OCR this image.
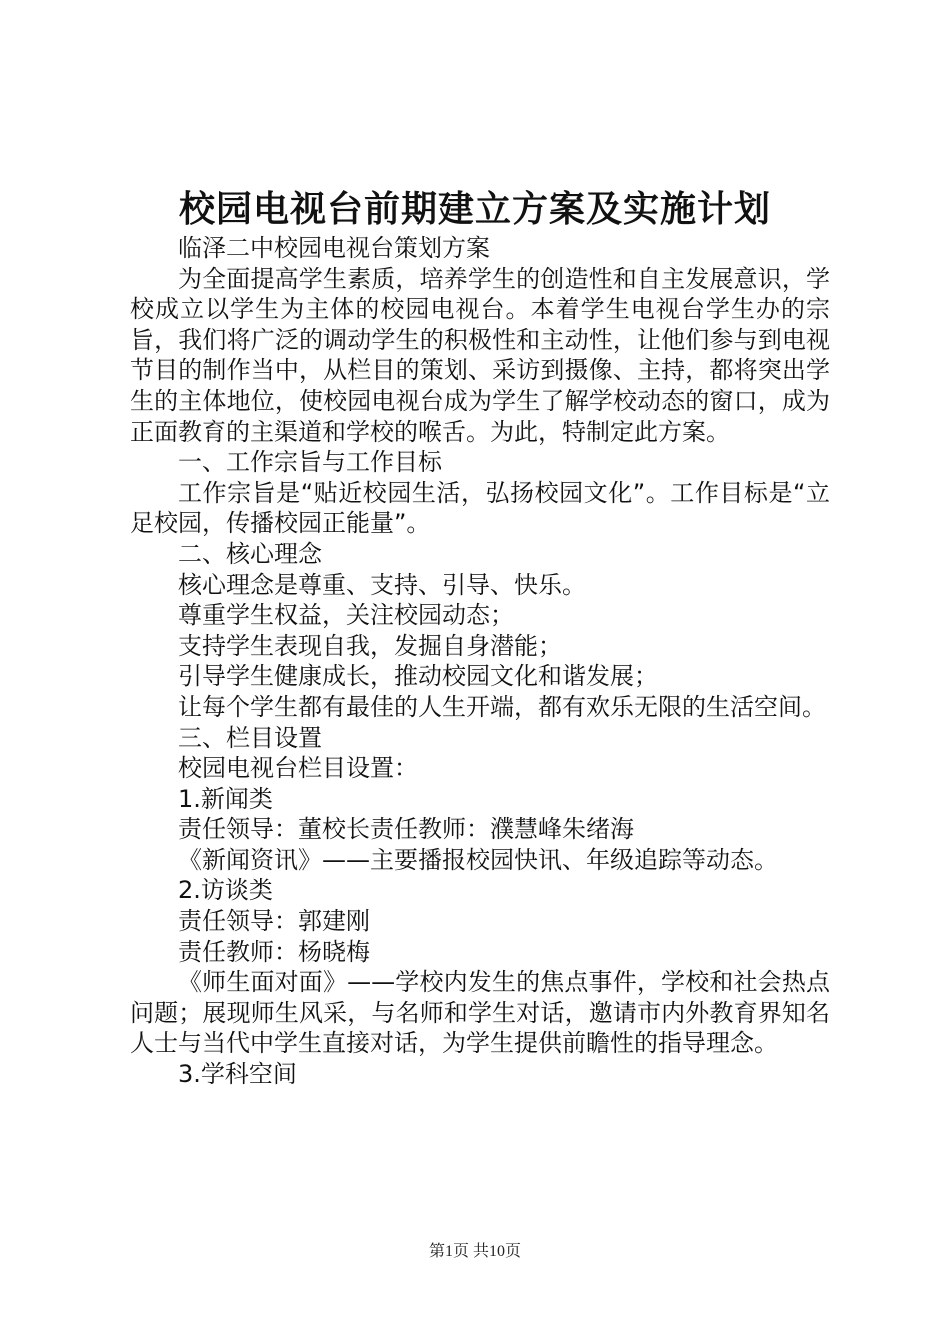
校园电视台前期建立方案及实施计划

临泽二中校园电视台策划方案

为全面提高学生素质，培养学生的创造性和自主发展意识，学校成立以学生为主体的校园电视台。本着学生电视台学生办的宗旨，我们将广泛的调动学生的积极性和主动性，让他们参与到电视节目的制作当中，从栏目的策划、采访到摄像、主持，都将突出学生的主体地位，使校园电视台成为学生了解学校动态的窗口，成为正面教育的主渠道和学校的喉舌。为此，特制定此方案。

一、工作宗旨与工作目标

工作宗旨是“贴近校园生活，弘扬校园文化”。工作目标是“立足校园，传播校园正能量”。

二、核心理念

核心理念是尊重、支持、引导、快乐。

尊重学生权益，关注校园动态；

支持学生表现自我，发掘自身潜能；

引导学生健康成长，推动校园文化和谐发展；

让每个学生都有最佳的人生开端，都有欢乐无限的生活空间。

三、栏目设置

校园电视台栏目设置：

1.新闻类

责任领导：董校长责任教师：濮慧峰朱绪海

《新闻资讯》——主要播报校园快讯、年级追踪等动态。

2.访谈类

责任领导：郭建刚

责任教师：杨晓梅

《师生面对面》——学校内发生的焦点事件，学校和社会热点问题；展现师生风采，与名师和学生对话，邀请市内外教育界知名人士与当代中学生直接对话，为学生提供前瞻性的指导理念。

3.学科空间

第1页 共10页
